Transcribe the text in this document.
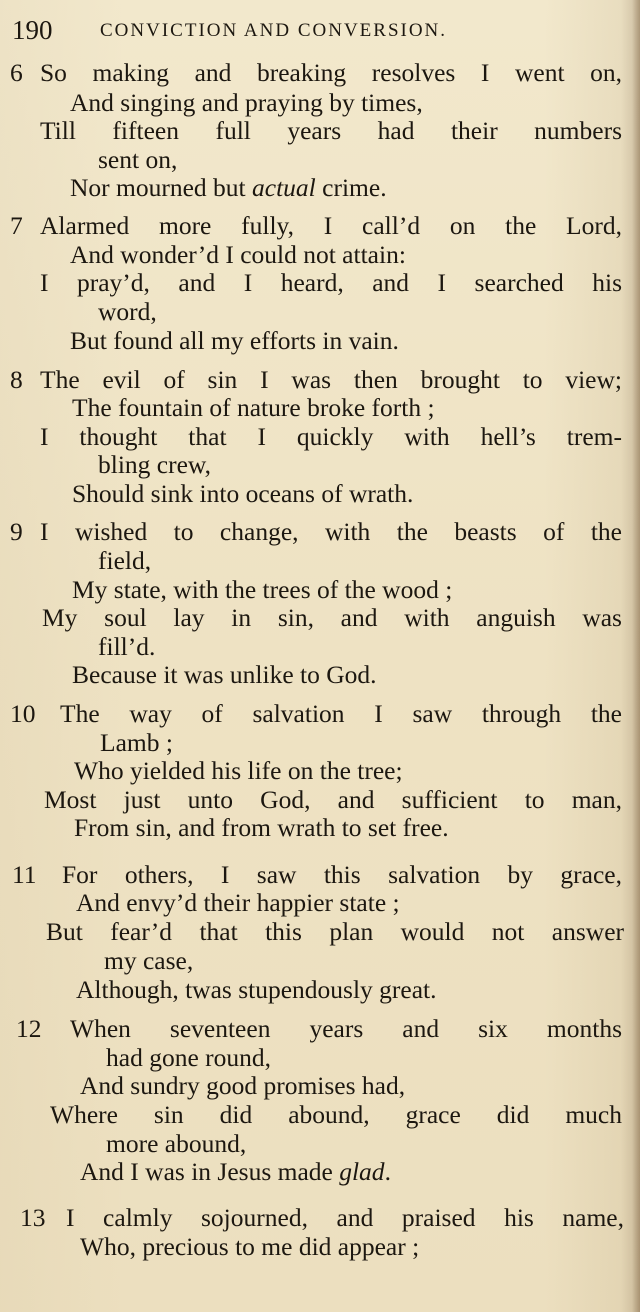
190	CONVICTION AND CONVERSION.
6 So making and breaking resolves I went on,
And singing and praying by times,
Till fifteen full years had their numbers
sent on,
Nor mourned but actual crime.
7 Alarmed more fully, I call’d on the Lord,
And wonder’d I could not attain:
I pray’d, and I heard, and I searched his
word,
But found all my efforts in vain.
8 The evil of sin I was then brought to view;
The fountain of nature broke forth ;
I thought that I quickly with hell’s trem-
bling crew,
Should sink into oceans of wrath.
9 I wished to change, with the beasts of the
field,
My state, with the trees of the wood ;
My soul lay in sin, and with anguish was
fill’d.
Because it was unlike to God.
10 The way of salvation I saw through the
Lamb ;
Who yielded his life on the tree;
Most just unto God, and sufficient to man,
From sin, and from wrath to set free.
11 For others, I saw this salvation by grace,
And envy’d their happier state ;
But fear’d that this plan would not answer
my case,
Although, twas stupendously great.
12 When seventeen years and six months
had gone round,
And sundry good promises had,
Where sin did abound, grace did much
more abound,
And I was in Jesus made glad.
13 I calmly sojourned, and praised his name,
Who, precious to me did appear ;
